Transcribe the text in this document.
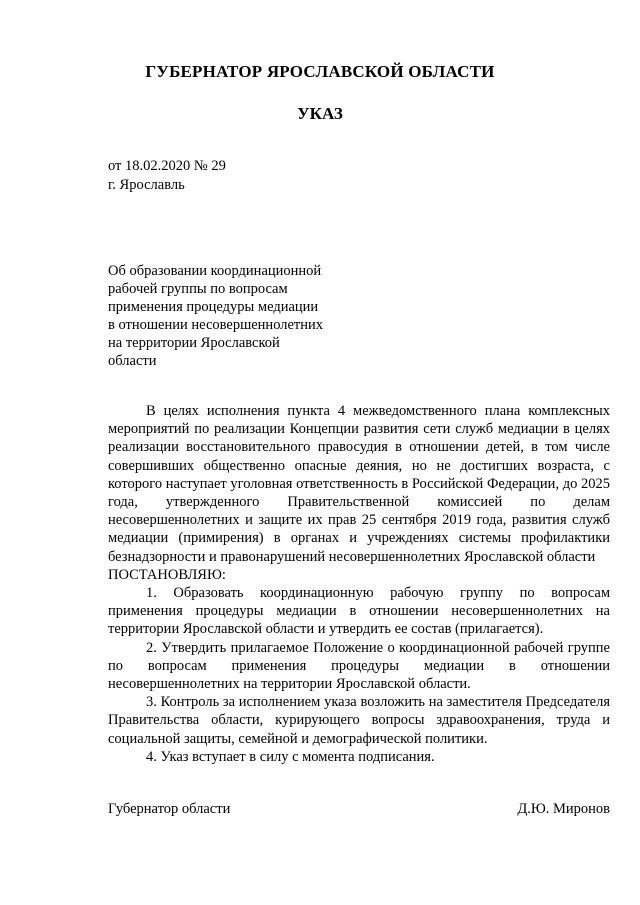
ГУБЕРНАТОР ЯРОСЛАВСКОЙ ОБЛАСТИ
УКАЗ
от 18.02.2020 № 29
г. Ярославль
Об образовании координационной
рабочей группы по вопросам
применения процедуры медиации
в отношении несовершеннолетних
на территории Ярославской
области

В целях исполнения пункта 4 межведомственного плана комплексных мероприятий по реализации Концепции развития сети служб медиации в целях реализации восстановительного правосудия в отношении детей, в том числе совершивших общественно опасные деяния, но не достигших возраста, с которого наступает уголовная ответственность в Российской Федерации, до 2025 года, утвержденного Правительственной комиссией по делам несовершеннолетних и защите их прав 25 сентября 2019 года, развития служб медиации (примирения) в органах и учреждениях системы профилактики безнадзорности и правонарушений несовершеннолетних Ярославской области

ПОСТАНОВЛЯЮ:

1. Образовать координационную рабочую группу по вопросам применения процедуры медиации в отношении несовершеннолетних на территории Ярославской области и утвердить ее состав (прилагается).

2. Утвердить прилагаемое Положение о координационной рабочей группе по вопросам применения процедуры медиации в отношении несовершеннолетних на территории Ярославской области.

3. Контроль за исполнением указа возложить на заместителя Председателя Правительства области, курирующего вопросы здравоохранения, труда и социальной защиты, семейной и демографической политики.

4. Указ вступает в силу с момента подписания.

Губернатор области	Д.Ю. Миронов
